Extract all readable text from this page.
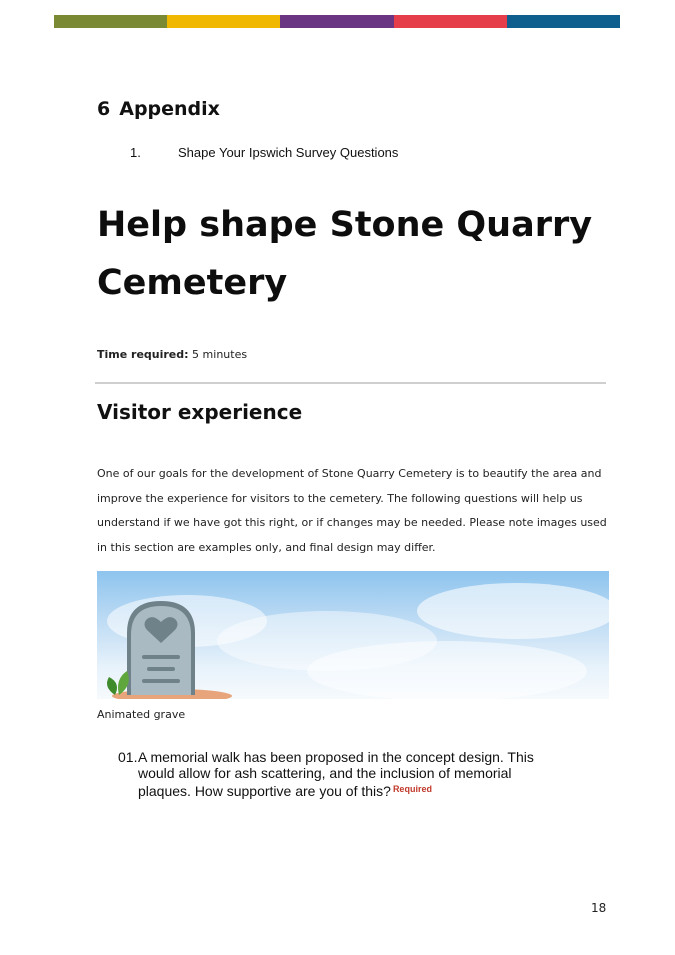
6 Appendix
1.	Shape Your Ipswich Survey Questions
Help shape Stone Quarry Cemetery
Time required: 5 minutes
Visitor experience

One of our goals for the development of Stone Quarry Cemetery is to beautify the area and improve the experience for visitors to the cemetery. The following questions will help us understand if we have got this right, or if changes may be needed. Please note images used in this section are examples only, and final design may differ.

Animated grave
01. A memorial walk has been proposed in the concept design. This would allow for ash scattering, and the inclusion of memorial plaques. How supportive are you of this? $^{Required}$
18
